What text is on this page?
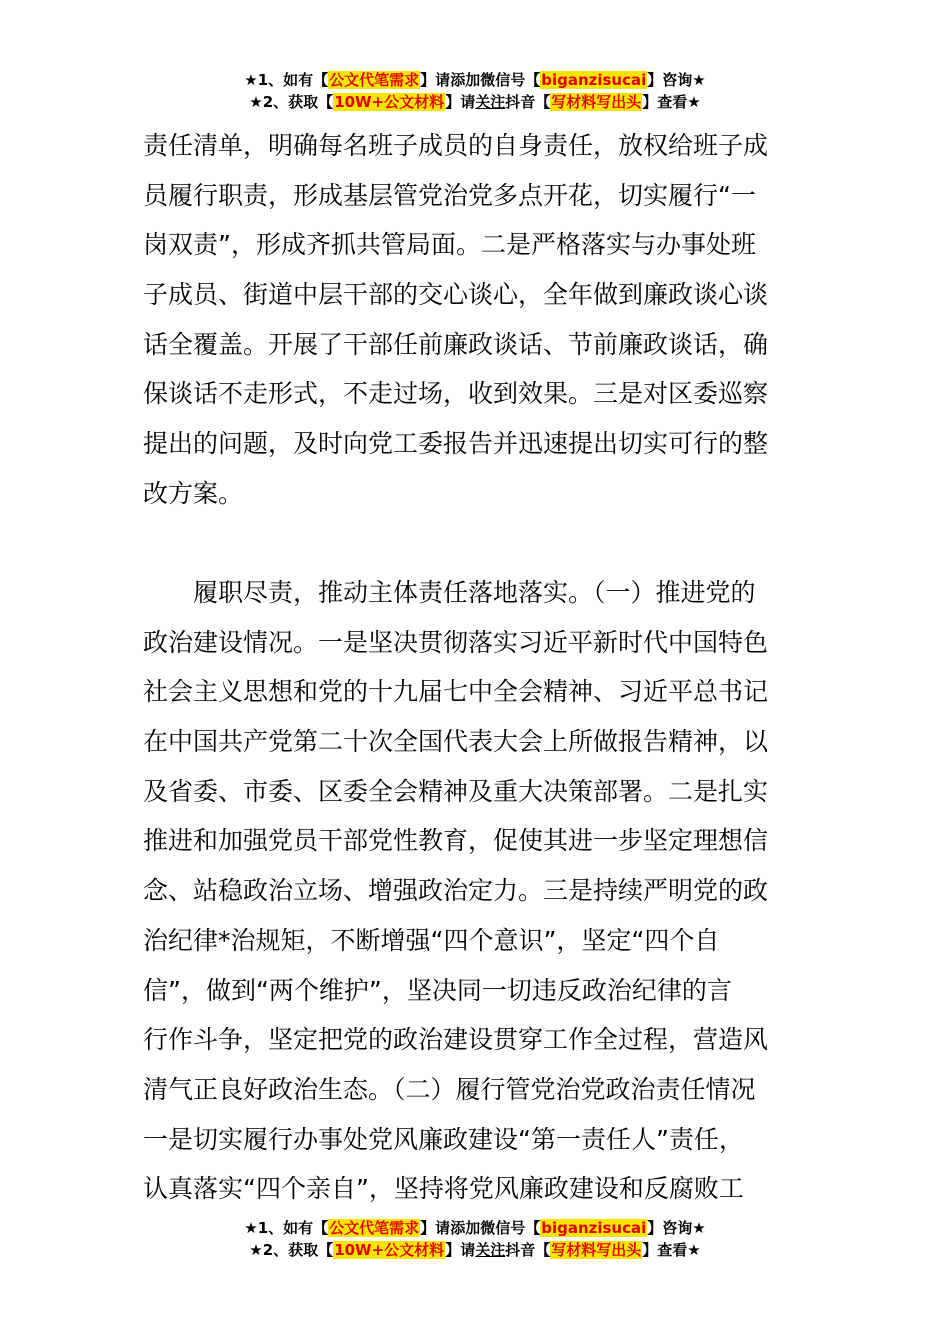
★1、如有【公文代笔需求】请添加微信号【biganzisucai】咨询★
★2、获取【10W+公文材料】请关注抖音【写材料写出头】查看★
责任清单，明确每名班子成员的自身责任，放权给班子成
员履行职责，形成基层管党治党多点开花，切实履行“一
岗双责”，形成齐抓共管局面。二是严格落实与办事处班
子成员、街道中层干部的交心谈心，全年做到廉政谈心谈
话全覆盖。开展了干部任前廉政谈话、节前廉政谈话，确
保谈话不走形式，不走过场，收到效果。三是对区委巡察
提出的问题，及时向党工委报告并迅速提出切实可行的整
改方案。
　　履职尽责，推动主体责任落地落实。（一）推进党的
政治建设情况。一是坚决贯彻落实习近平新时代中国特色
社会主义思想和党的十九届七中全会精神、习近平总书记
在中国共产党第二十次全国代表大会上所做报告精神，以
及省委、市委、区委全会精神及重大决策部署。二是扎实
推进和加强党员干部党性教育，促使其进一步坚定理想信
念、站稳政治立场、增强政治定力。三是持续严明党的政
治纪律*治规矩，不断增强“四个意识”，坚定“四个自
信”，做到“两个维护”，坚决同一切违反政治纪律的言
行作斗争，坚定把党的政治建设贯穿工作全过程，营造风
清气正良好政治生态。（二）履行管党治党政治责任情况
一是切实履行办事处党风廉政建设“第一责任人”责任，
认真落实“四个亲自”，坚持将党风廉政建设和反腐败工
★1、如有【公文代笔需求】请添加微信号【biganzisucai】咨询★
★2、获取【10W+公文材料】请关注抖音【写材料写出头】查看★
